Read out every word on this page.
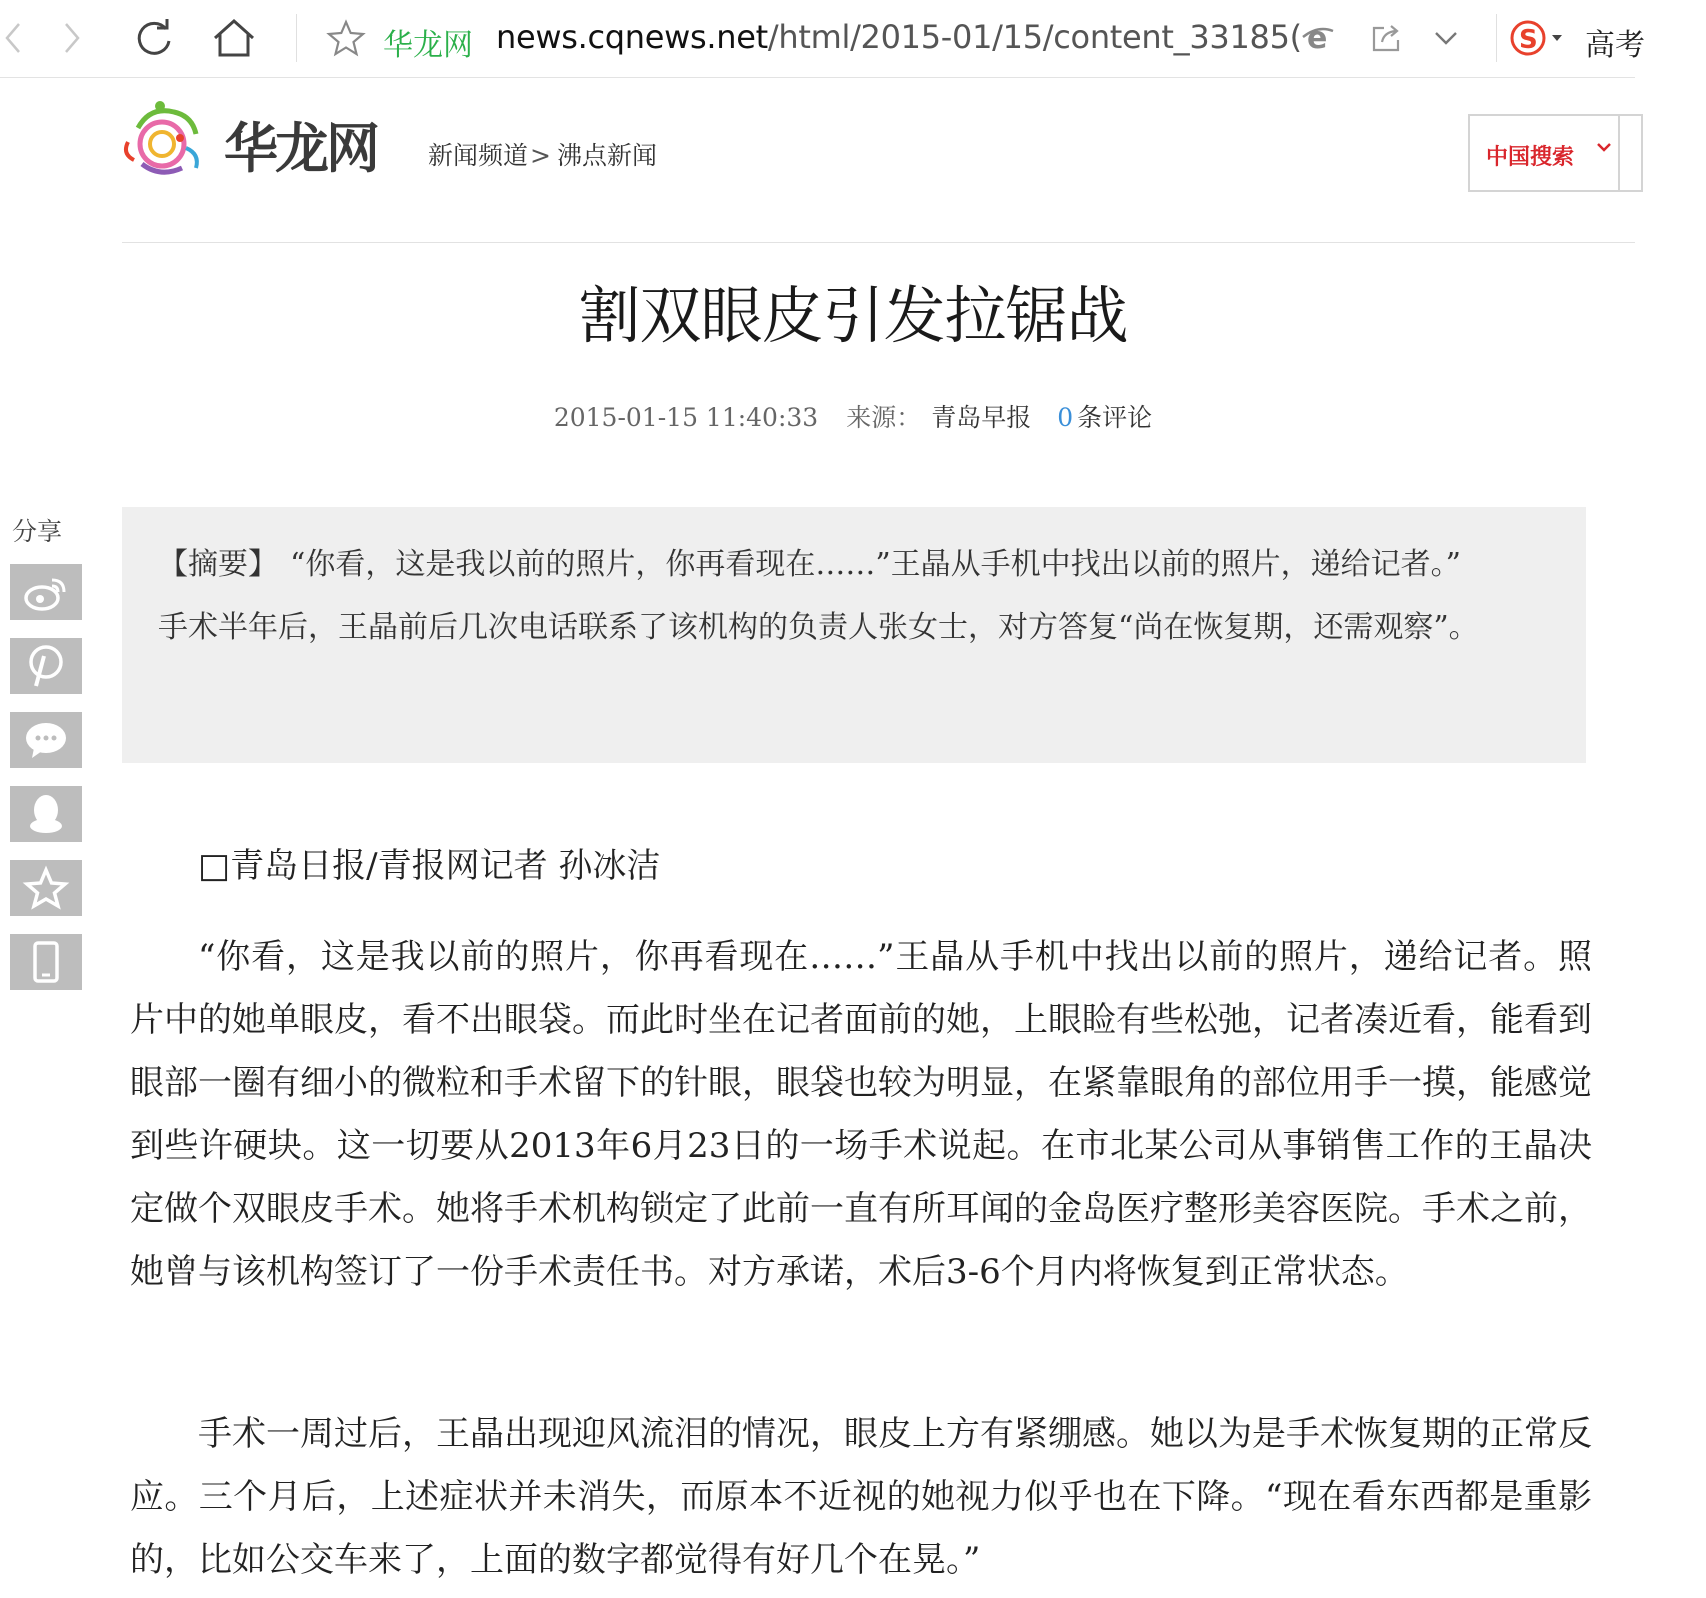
华龙网 news.cqnews.net/html/2015-01/15/content_33185( e	S 高考
华龙网 新闻频道> 沸点新闻	中国搜索
割双眼皮引发拉锯战
2015-01-15 11:40:33 来源： 青岛早报 0 条评论
分享
【摘要】 “你看，这是我以前的照片，你再看现在……”王晶从手机中找出以前的照片，递给记者。”　　手术半年后，王晶前后几次电话联系了该机构的负责人张女士，对方答复“尚在恢复期，还需观察”。
□青岛日报/青报网记者 孙冰洁

“你看，这是我以前的照片，你再看现在……”王晶从手机中找出以前的照片，递给记者。照片中的她单眼皮，看不出眼袋。而此时坐在记者面前的她，上眼睑有些松弛，记者凑近看，能看到眼部一圈有细小的微粒和手术留下的针眼，眼袋也较为明显，在紧靠眼角的部位用手一摸，能感觉到些许硬块。这一切要从2013年6月23日的一场手术说起。在市北某公司从事销售工作的王晶决定做个双眼皮手术。她将手术机构锁定了此前一直有所耳闻的金岛医疗整形美容医院。手术之前，她曾与该机构签订了一份手术责任书。对方承诺，术后3-6个月内将恢复到正常状态。

手术一周过后，王晶出现迎风流泪的情况，眼皮上方有紧绷感。她以为是手术恢复期的正常反应。三个月后，上述症状并未消失，而原本不近视的她视力似乎也在下降。“现在看东西都是重影的，比如公交车来了，上面的数字都觉得有好几个在晃。”
